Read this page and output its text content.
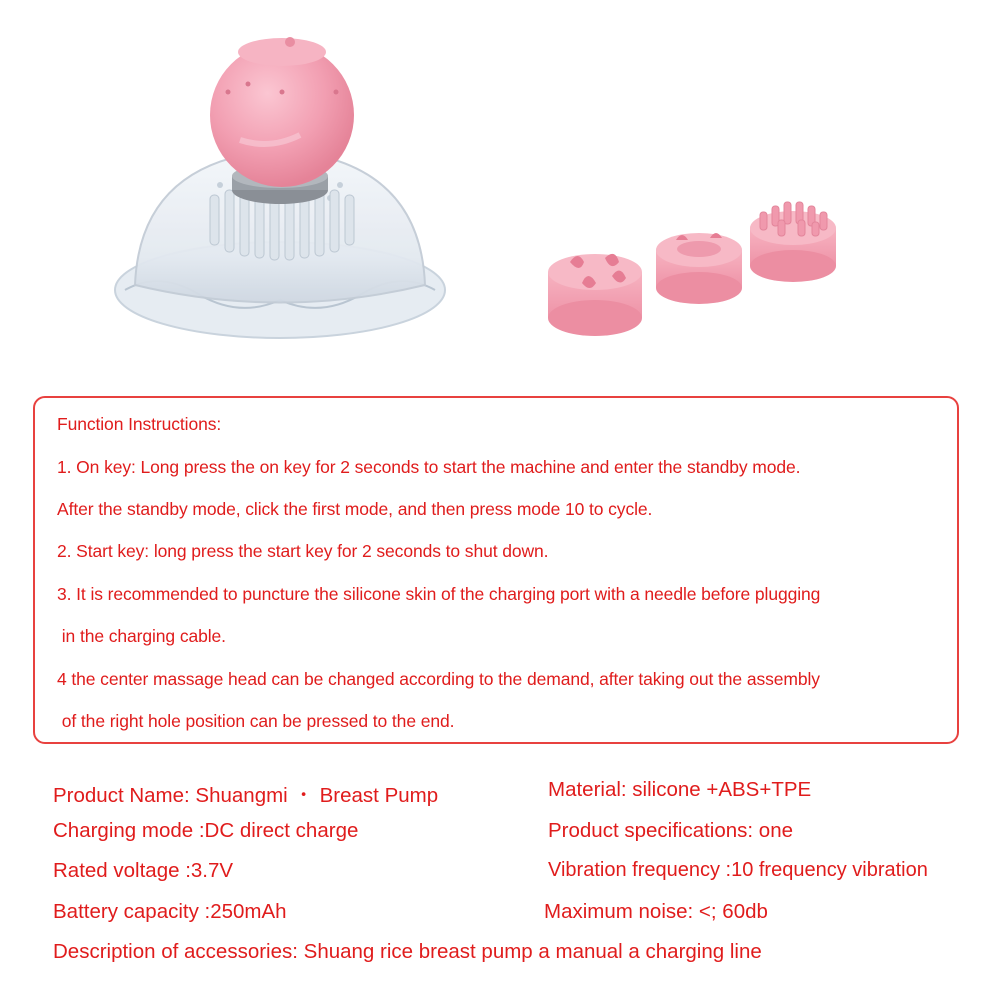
Function Instructions:
1. On key: Long press the on key for 2 seconds to start the machine and enter the standby mode.
After the standby mode, click the first mode, and then press mode 10 to cycle.
2. Start key: long press the start key for 2 seconds to shut down.
3. It is recommended to puncture the silicone skin of the charging port with a needle before plugging
in the charging cable.
4 the center massage head can be changed according to the demand, after taking out the assembly
of the right hole position can be pressed to the end.
Product Name: Shuangmi ・ Breast Pump	Material: silicone +ABS+TPE
Charging mode :DC direct charge	Product specifications: one
Rated voltage :3.7V	Vibration frequency :10 frequency vibration
Battery capacity :250mAh	Maximum noise: <; 60db
Description of accessories: Shuang rice breast pump a manual a charging line
